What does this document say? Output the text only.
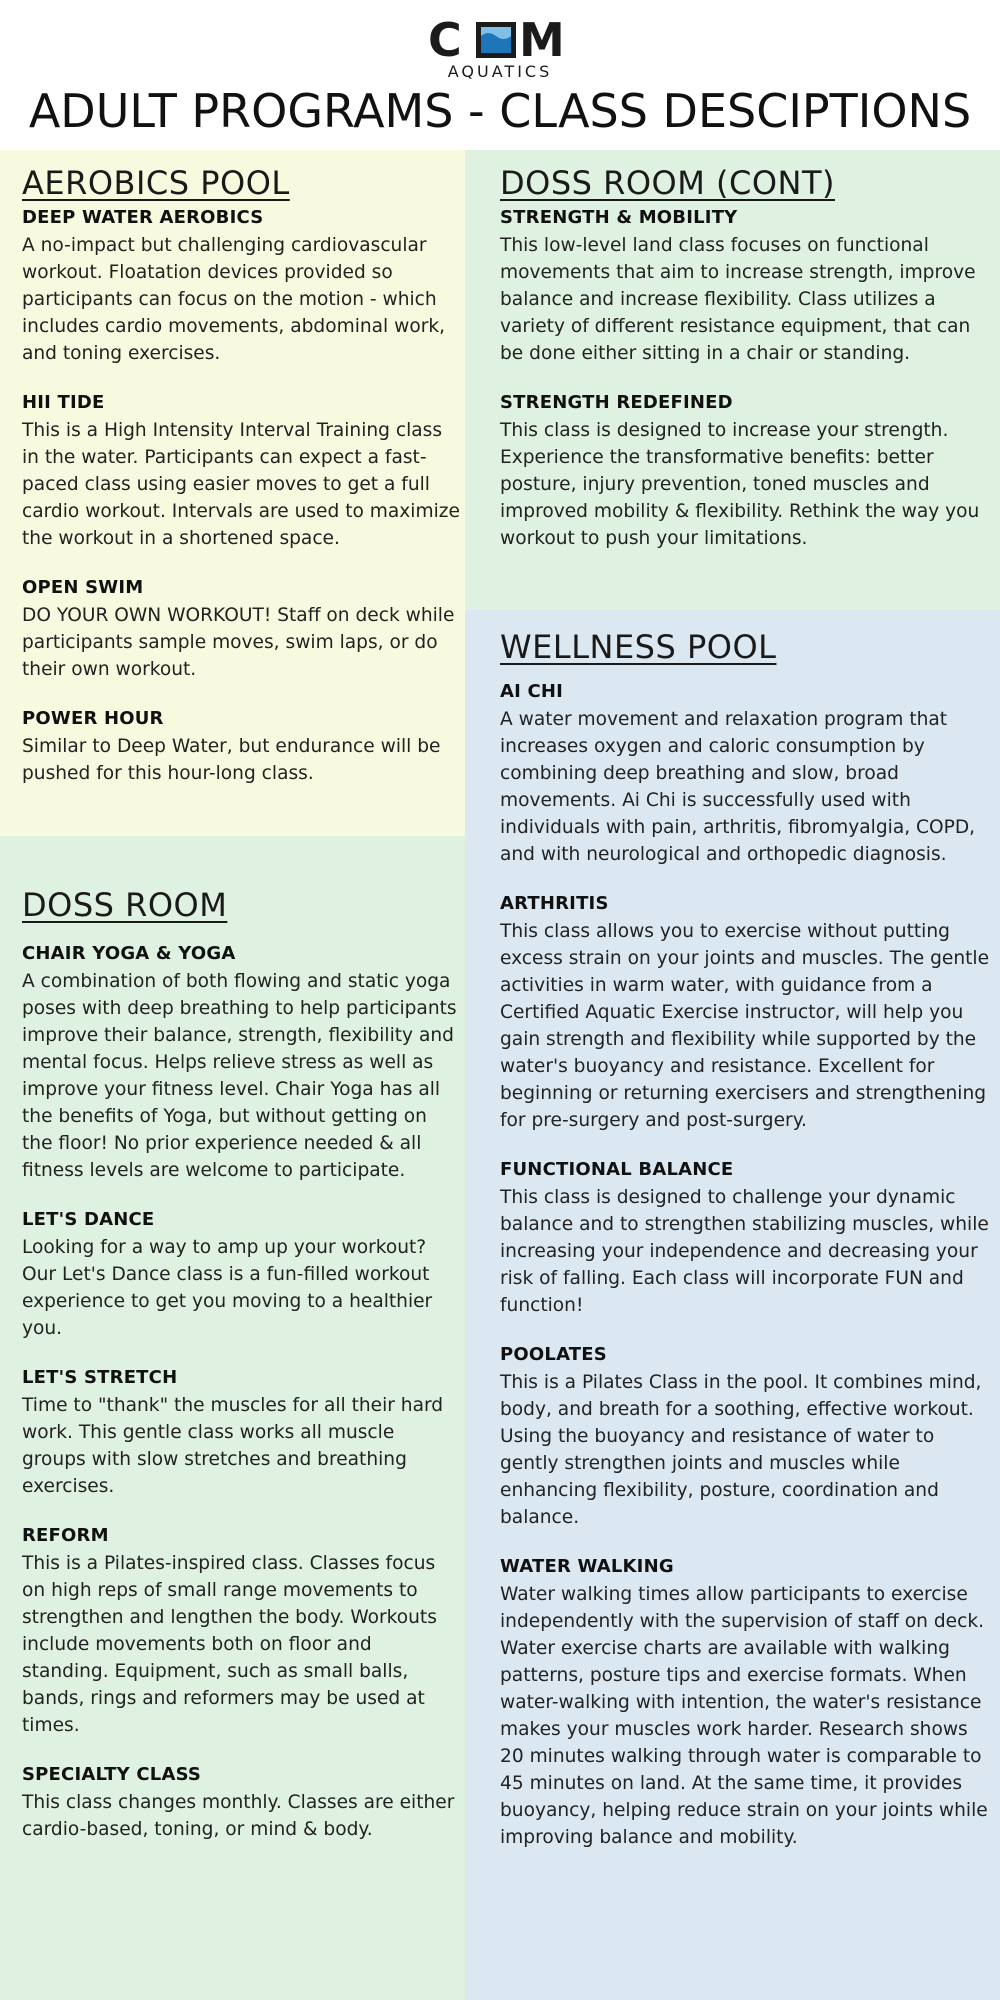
C M
AQUATICS
ADULT PROGRAMS - CLASS DESCIPTIONS
AEROBICS POOL
DEEP WATER AEROBICS

A no-impact but challenging cardiovascular workout. Floatation devices provided so participants can focus on the motion - which includes cardio movements, abdominal work, and toning exercises.

HII TIDE

This is a High Intensity Interval Training class in the water. Participants can expect a fast-paced class using easier moves to get a full cardio workout. Intervals are used to maximize the workout in a shortened space.

OPEN SWIM

DO YOUR OWN WORKOUT! Staff on deck while participants sample moves, swim laps, or do their own workout.

POWER HOUR

Similar to Deep Water, but endurance will be pushed for this hour-long class.

DOSS ROOM
CHAIR YOGA & YOGA

A combination of both flowing and static yoga poses with deep breathing to help participants improve their balance, strength, flexibility and mental focus. Helps relieve stress as well as improve your fitness level. Chair Yoga has all the benefits of Yoga, but without getting on the floor! No prior experience needed & all fitness levels are welcome to participate.

LET'S DANCE

Looking for a way to amp up your workout? Our Let's Dance class is a fun-filled workout experience to get you moving to a healthier you.

LET'S STRETCH

Time to "thank" the muscles for all their hard work. This gentle class works all muscle groups with slow stretches and breathing exercises.

REFORM

This is a Pilates-inspired class. Classes focus on high reps of small range movements to strengthen and lengthen the body. Workouts include movements both on floor and standing. Equipment, such as small balls, bands, rings and reformers may be used at times.

SPECIALTY CLASS

This class changes monthly. Classes are either cardio-based, toning, or mind & body.

DOSS ROOM (CONT)
STRENGTH & MOBILITY

This low-level land class focuses on functional movements that aim to increase strength, improve balance and increase flexibility. Class utilizes a variety of different resistance equipment, that can be done either sitting in a chair or standing.

STRENGTH REDEFINED

This class is designed to increase your strength. Experience the transformative benefits: better posture, injury prevention, toned muscles and improved mobility & flexibility. Rethink the way you workout to push your limitations.

WELLNESS POOL
AI CHI

A water movement and relaxation program that increases oxygen and caloric consumption by combining deep breathing and slow, broad movements. Ai Chi is successfully used with individuals with pain, arthritis, fibromyalgia, COPD, and with neurological and orthopedic diagnosis.

ARTHRITIS

This class allows you to exercise without putting excess strain on your joints and muscles. The gentle activities in warm water, with guidance from a Certified Aquatic Exercise instructor, will help you gain strength and flexibility while supported by the water's buoyancy and resistance. Excellent for beginning or returning exercisers and strengthening for pre-surgery and post-surgery.

FUNCTIONAL BALANCE

This class is designed to challenge your dynamic balance and to strengthen stabilizing muscles, while increasing your independence and decreasing your risk of falling. Each class will incorporate FUN and function!

POOLATES

This is a Pilates Class in the pool. It combines mind, body, and breath for a soothing, effective workout. Using the buoyancy and resistance of water to gently strengthen joints and muscles while enhancing flexibility, posture, coordination and balance.

WATER WALKING

Water walking times allow participants to exercise independently with the supervision of staff on deck. Water exercise charts are available with walking patterns, posture tips and exercise formats. When water-walking with intention, the water's resistance makes your muscles work harder. Research shows 20 minutes walking through water is comparable to 45 minutes on land. At the same time, it provides buoyancy, helping reduce strain on your joints while improving balance and mobility.
